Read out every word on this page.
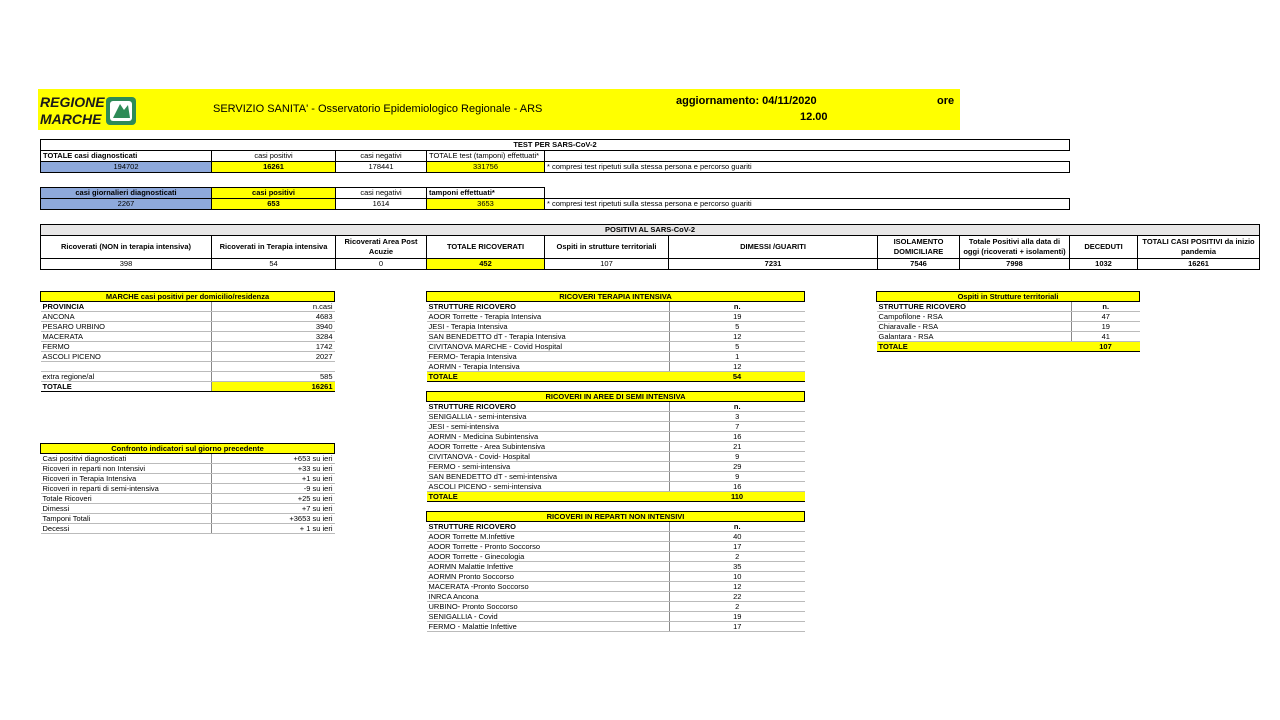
REGIONE
MARCHE
SERVIZIO SANITA' - Osservatorio Epidemiologico Regionale - ARS
aggiornamento: 04/11/2020	ore
12.00
TEST PER SARS-CoV-2				
TOTALE casi diagnosticati	casi positivi	casi negativi	TOTALE test (tamponi) effettuati*	
194702	16261	178441	331756	* compresi test ripetuti sulla stessa persona e percorso guariti
casi giornalieri diagnosticati	casi positivi	casi negativi	tamponi effettuati*	
2267	653	1614	3653	* compresi test ripetuti sulla stessa persona e percorso guariti
POSITIVI AL SARS-CoV-2									
Ricoverati (NON in terapia intensiva)	Ricoverati in Terapia intensiva	Ricoverati Area Post Acuzie	TOTALE RICOVERATI	Ospiti in strutture territoriali	DIMESSI /GUARITI	ISOLAMENTO DOMICILIARE	Totale Positivi alla data di oggi (ricoverati + isolamenti)	DECEDUTI	TOTALI CASI POSITIVI da inizio pandemia
398	54	0	452	107	7231	7546	7998	1032	16261
MARCHE casi positivi per domicilio/residenza	
PROVINCIA	n.casi
ANCONA	4683
PESARO URBINO	3940
MACERATA	3284
FERMO	1742
ASCOLI PICENO	2027

extra regione/al	585
TOTALE	16261
Confronto indicatori sul giorno precedente	
Casi positivi diagnosticati	+653 su ieri
Ricoveri in reparti non Intensivi	+33 su ieri
Ricoveri in Terapia Intensiva	+1 su ieri
Ricoveri in reparti di semi-intensiva	-9 su ieri
Totale Ricoveri	+25 su ieri
Dimessi	+7 su ieri
Tamponi Totali	+3653 su ieri
Decessi	+ 1 su ieri
RICOVERI TERAPIA INTENSIVA	
STRUTTURE RICOVERO	n.
AOOR Torrette - Terapia Intensiva	19
JESI - Terapia Intensiva	5
SAN BENEDETTO dT - Terapia Intensiva	12
CIVITANOVA MARCHE - Covid Hospital	5
FERMO- Terapia Intensiva	1
AORMN - Terapia Intensiva	12
TOTALE	54
RICOVERI IN AREE DI SEMI INTENSIVA	
STRUTTURE RICOVERO	n.
SENIGALLIA - semi-intensiva	3
JESI - semi-intensiva	7
AORMN - Medicina Subintensiva	16
AOOR Torrette - Area Subintensiva	21
CIVITANOVA - Covid- Hospital	9
FERMO - semi-intensiva	29
SAN BENEDETTO dT - semi-intensiva	9
ASCOLI PICENO - semi-intensiva	16
TOTALE	110
RICOVERI IN REPARTI NON INTENSIVI	
STRUTTURE RICOVERO	n.
AOOR Torrette M.Infettive	40
AOOR Torrette - Pronto Soccorso	17
AOOR Torrette - Ginecologia	2
AORMN Malattie Infettive	35
AORMN Pronto Soccorso	10
MACERATA -Pronto Soccorso	12
INRCA Ancona	22
URBINO- Pronto Soccorso	2
SENIGALLIA - Covid	19
FERMO - Malattie Infettive	17
Ospiti in Strutture territoriali	
STRUTTURE RICOVERO	n.
Campofilone - RSA	47
Chiaravalle - RSA	19
Galantara - RSA	41
TOTALE	107
